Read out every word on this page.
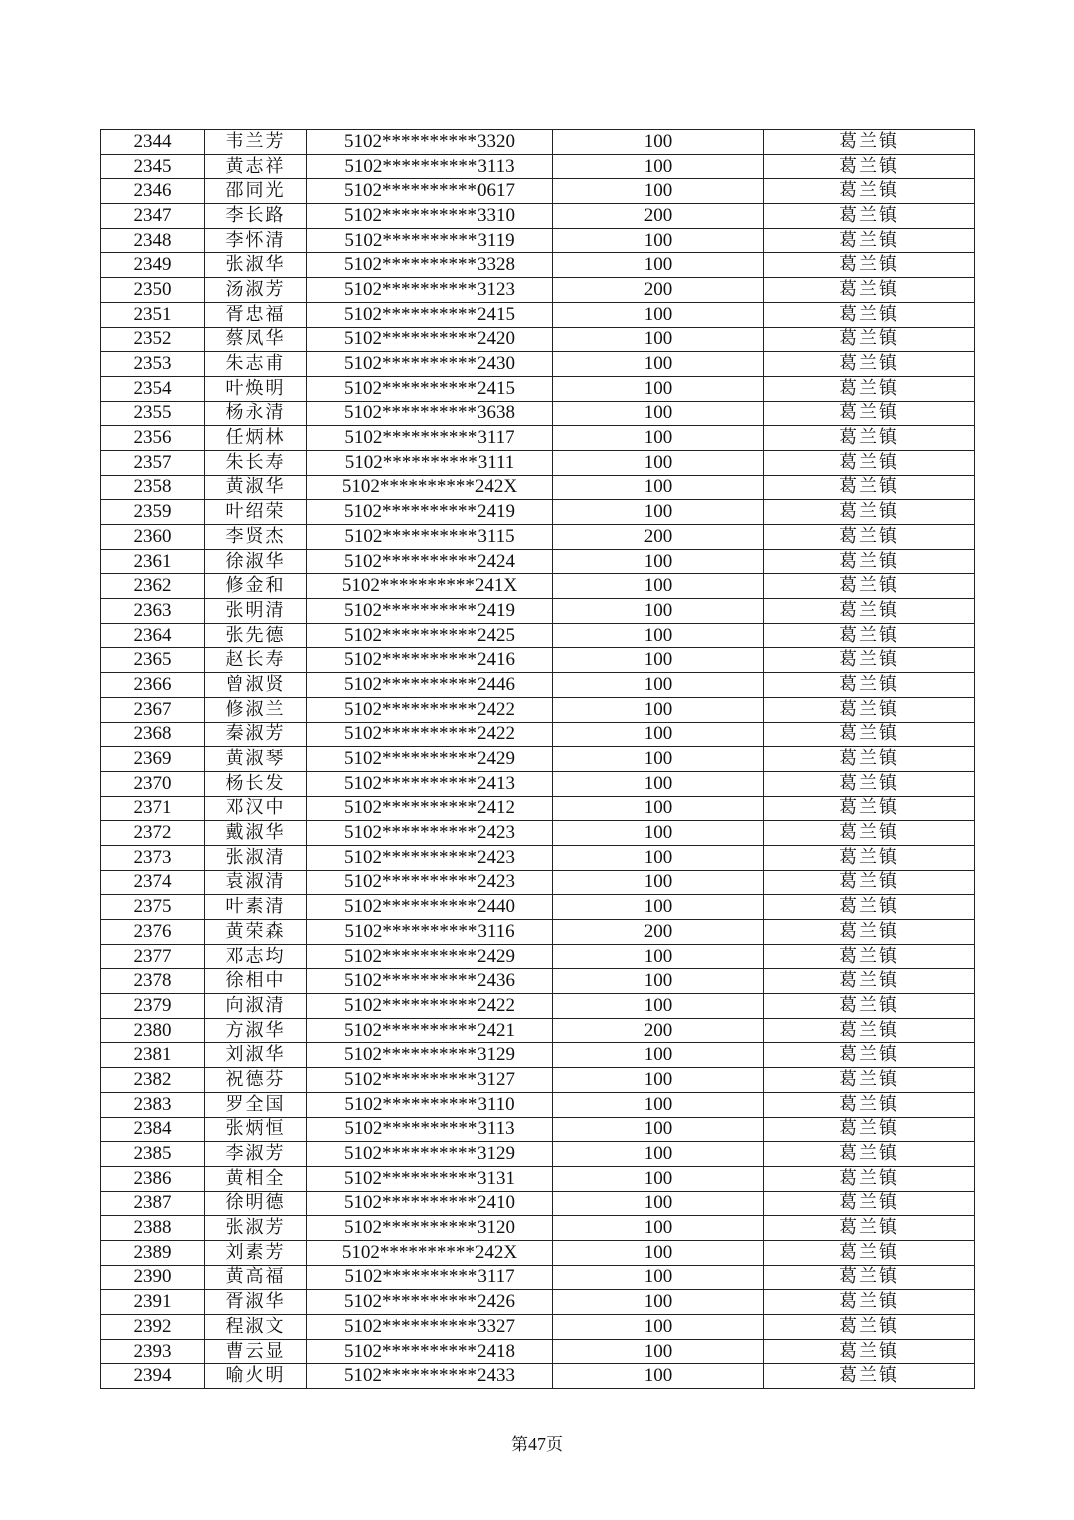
2344	韦兰芳	5102**********3320	100	葛兰镇
2345	黄志祥	5102**********3113	100	葛兰镇
2346	邵同光	5102**********0617	100	葛兰镇
2347	李长路	5102**********3310	200	葛兰镇
2348	李怀清	5102**********3119	100	葛兰镇
2349	张淑华	5102**********3328	100	葛兰镇
2350	汤淑芳	5102**********3123	200	葛兰镇
2351	胥忠福	5102**********2415	100	葛兰镇
2352	蔡凤华	5102**********2420	100	葛兰镇
2353	朱志甫	5102**********2430	100	葛兰镇
2354	叶焕明	5102**********2415	100	葛兰镇
2355	杨永清	5102**********3638	100	葛兰镇
2356	任炳林	5102**********3117	100	葛兰镇
2357	朱长寿	5102**********3111	100	葛兰镇
2358	黄淑华	5102**********242X	100	葛兰镇
2359	叶绍荣	5102**********2419	100	葛兰镇
2360	李贤杰	5102**********3115	200	葛兰镇
2361	徐淑华	5102**********2424	100	葛兰镇
2362	修金和	5102**********241X	100	葛兰镇
2363	张明清	5102**********2419	100	葛兰镇
2364	张先德	5102**********2425	100	葛兰镇
2365	赵长寿	5102**********2416	100	葛兰镇
2366	曾淑贤	5102**********2446	100	葛兰镇
2367	修淑兰	5102**********2422	100	葛兰镇
2368	秦淑芳	5102**********2422	100	葛兰镇
2369	黄淑琴	5102**********2429	100	葛兰镇
2370	杨长发	5102**********2413	100	葛兰镇
2371	邓汉中	5102**********2412	100	葛兰镇
2372	戴淑华	5102**********2423	100	葛兰镇
2373	张淑清	5102**********2423	100	葛兰镇
2374	袁淑清	5102**********2423	100	葛兰镇
2375	叶素清	5102**********2440	100	葛兰镇
2376	黄荣森	5102**********3116	200	葛兰镇
2377	邓志均	5102**********2429	100	葛兰镇
2378	徐相中	5102**********2436	100	葛兰镇
2379	向淑清	5102**********2422	100	葛兰镇
2380	方淑华	5102**********2421	200	葛兰镇
2381	刘淑华	5102**********3129	100	葛兰镇
2382	祝德芬	5102**********3127	100	葛兰镇
2383	罗全国	5102**********3110	100	葛兰镇
2384	张炳恒	5102**********3113	100	葛兰镇
2385	李淑芳	5102**********3129	100	葛兰镇
2386	黄相全	5102**********3131	100	葛兰镇
2387	徐明德	5102**********2410	100	葛兰镇
2388	张淑芳	5102**********3120	100	葛兰镇
2389	刘素芳	5102**********242X	100	葛兰镇
2390	黄高福	5102**********3117	100	葛兰镇
2391	胥淑华	5102**********2426	100	葛兰镇
2392	程淑文	5102**********3327	100	葛兰镇
2393	曹云显	5102**********2418	100	葛兰镇
2394	喻火明	5102**********2433	100	葛兰镇
第47页
